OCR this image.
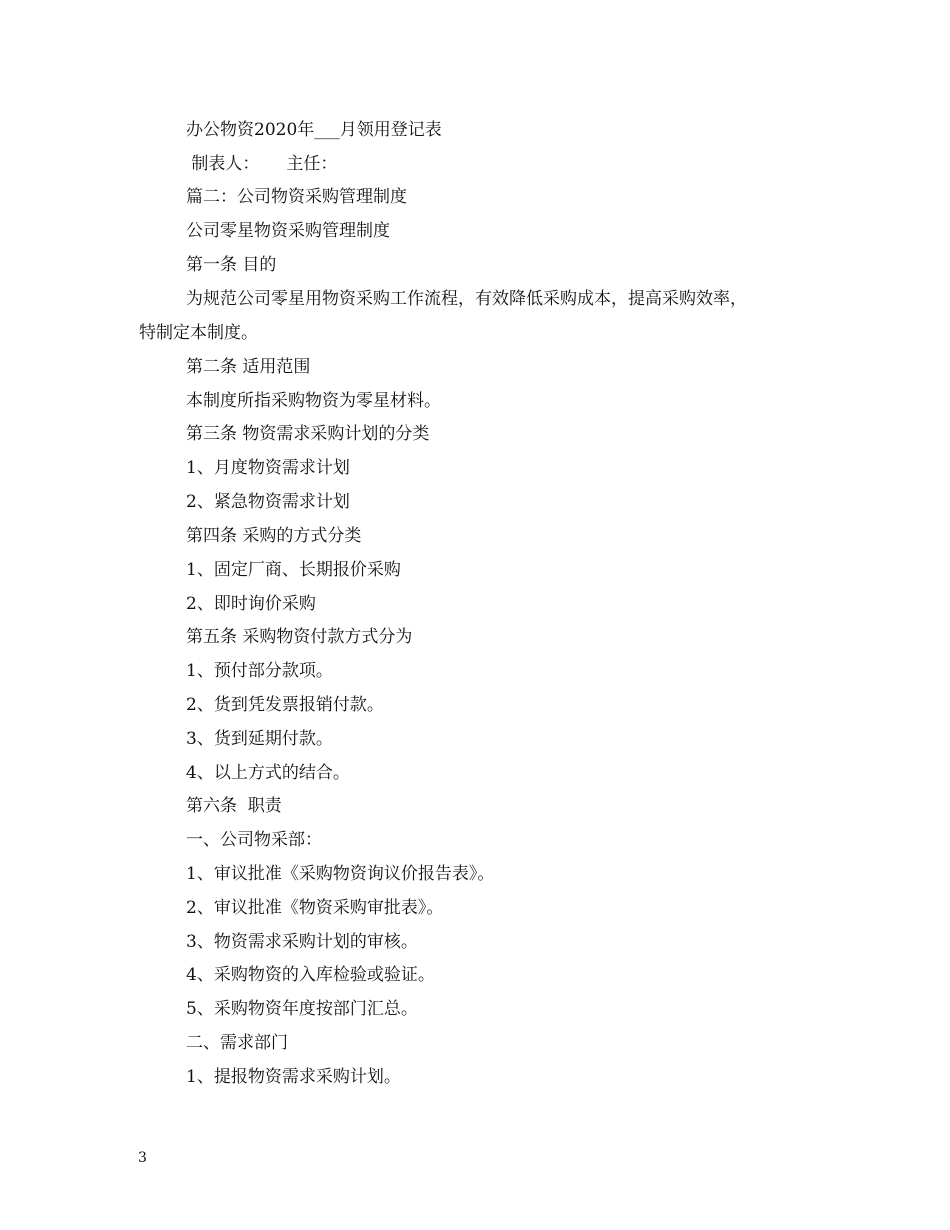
办公物资2020年___月领用登记表
制表人：     主任：
篇二：公司物资采购管理制度
公司零星物资采购管理制度
第一条 目的
为规范公司零星用物资采购工作流程，有效降低采购成本，提高采购效率，
特制定本制度。
第二条 适用范围
本制度所指采购物资为零星材料。
第三条 物资需求采购计划的分类
1、月度物资需求计划
2、紧急物资需求计划
第四条 采购的方式分类
1、固定厂商、长期报价采购
2、即时询价采购
第五条 采购物资付款方式分为
1、预付部分款项。
2、货到凭发票报销付款。
3、货到延期付款。
4、以上方式的结合。
第六条  职责
一、公司物采部：
1、审议批准《采购物资询议价报告表》。
2、审议批准《物资采购审批表》。
3、物资需求采购计划的审核。
4、采购物资的入库检验或验证。
5、采购物资年度按部门汇总。
二、需求部门
1、提报物资需求采购计划。
3
